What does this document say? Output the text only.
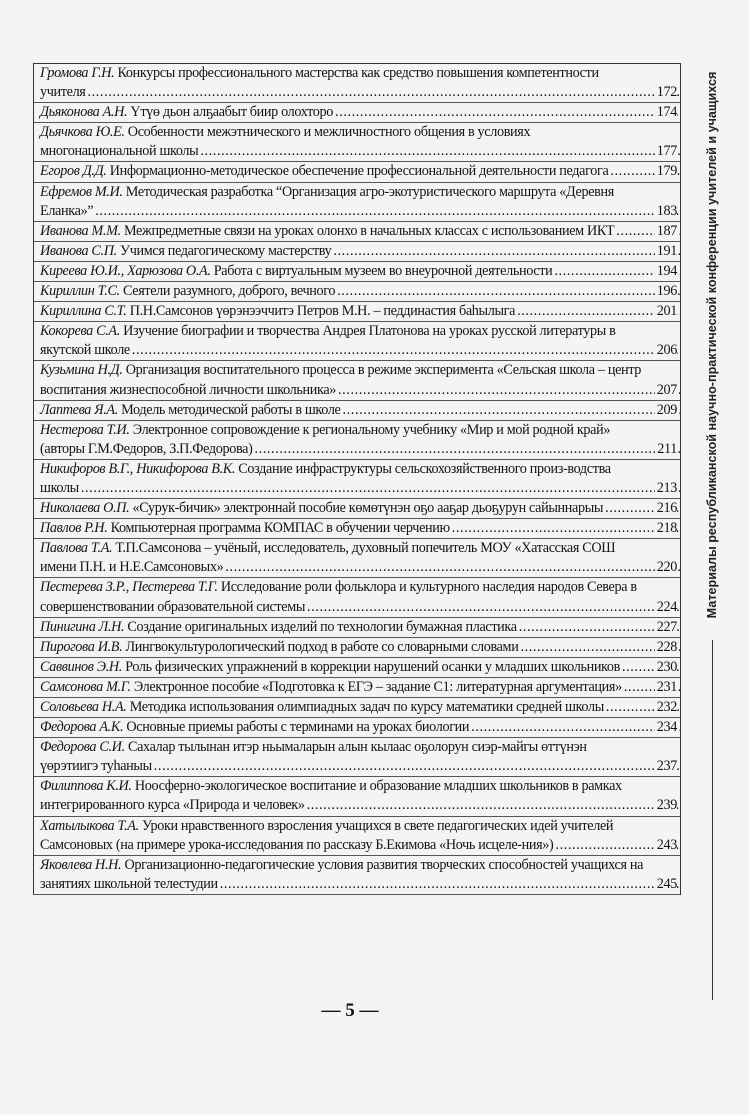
Громова Г.Н. Конкурсы профессионального мастерства как средство повышения компетентности учителя .....	172
Дьяконова А.Н. Үтүө дьон алҕаабыт биир олохторо .....	174
Дьячкова Ю.Е. Особенности межэтнического и межличностного общения в условиях многонациональной школы .....	177
Егоров Д.Д. Информационно-методическое обеспечение профессиональной деятельности педагога .....	179
Ефремов М.И. Методическая разработка “Организация агро-экотуристического маршрута «Деревня Еланка»” .....	183
Иванова М.М. Межпредметные связи на уроках олонхо в начальных классах с использованием ИКТ .....	187
Иванова С.П. Учимся педагогическому мастерству .....	191
Киреева Ю.И., Харюзова О.А. Работа с виртуальным музеем во внеурочной деятельности .....	194
Кириллин Т.С. Сеятели разумного, доброго, вечного .....	196
Кириллина С.Т. П.Н.Самсонов үөрэнээччитэ Петров М.Н. – педдинастия баһылыга .....	201
Кокорева С.А. Изучение биографии и творчества Андрея Платонова на уроках русской литературы в якутской школе .....	206
Кузьмина Н.Д. Организация воспитательного процесса в режиме эксперимента «Сельская школа – центр воспитания жизнеспособной личности школьника» .....	207
Лаптева Я.А. Модель методической работы в школе .....	209
Нестерова Т.И. Электронное сопровождение к региональному учебнику «Мир и мой родной край» (авторы Г.М.Федоров, З.П.Федорова) .....	211
Никифоров В.Г., Никифорова В.К. Создание инфраструктуры сельскохозяйственного произ-водства школы .....	213
Николаева О.П. «Сурук-бичик» электроннай пособие көмөтүнэн оҕо ааҕар дьоҕурун сайыннарыы .....	216
Павлов Р.Н. Компьютерная программа КОМПАС в обучении черчению .....	218
Павлова Т.А. Т.П.Самсонова – учёный, исследователь, духовный попечитель МОУ «Хатасская СОШ имени П.Н. и Н.Е.Самсоновых» .....	220
Пестерева З.Р., Пестерева Т.Г. Исследование роли фольклора и культурного наследия народов Севера в совершенствовании образовательной системы .....	224
Пинигина Л.Н. Создание оригинальных изделий по технологии бумажная пластика .....	227
Пирогова И.В. Лингвокультурологический подход в работе со словарными словами .....	228
Саввинов Э.Н. Роль физических упражнений в коррекции нарушений осанки у младших школьников .....	230
Самсонова М.Г. Электронное пособие «Подготовка к ЕГЭ – задание С1: литературная аргументация» ..... 231
Соловьева Н.А. Методика использования олимпиадных задач по курсу математики средней школы .....	232
Федорова А.К. Основные приемы работы с терминами на уроках биологии .....	234
Федорова С.И. Сахалар тылынан итэр ньымаларын алын кылаас оҕолорун сиэр-майгы өттүнэн үөрэтиигэ туһаныы .....	237
Филиппова К.И. Ноосферно-экологическое воспитание и образование младших школьников в рамках интегрированного курса «Природа и человек» .....	239
Хатылыкова Т.А. Уроки нравственного взросления учащихся в свете педагогических идей учителей Самсоновых (на примере урока-исследования по рассказу Б.Екимова «Ночь исцеле-ния») .....	243
Яковлева Н.Н. Организационно-педагогические условия развития творческих способностей учащихся на занятиях школьной телестудии .....	245
— 5 —
Материалы республиканской научно-практической конференции учителей и учащихся
